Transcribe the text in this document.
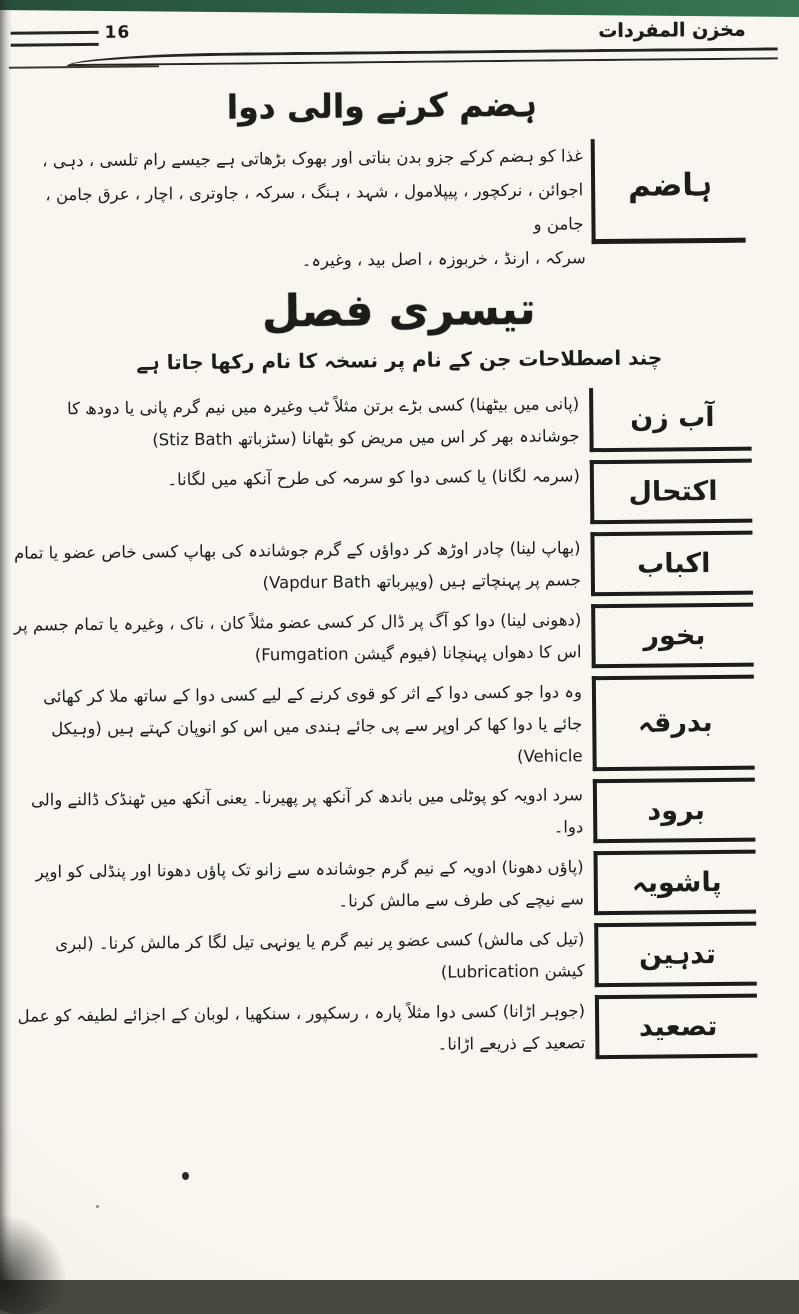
16	مخزن المفردات
ہضم کرنے والی دوا
ہاضم
غذا کو ہضم کرکے جزو بدن بناتی اور بھوک بڑھاتی ہے جیسے رام تلسی ، دہی ، اجوائن ، نرکچور ، پیپلامول ، شہد ، ہنگ ، سرکہ ، جاوتری ، اچار ، عرق جامن ، جامن و
سرکہ ، ارنڈ ، خربوزہ ، اصل بید ، وغیرہ۔
تیسری فصل
چند اصطلاحات جن کے نام پر نسخہ کا نام رکھا جاتا ہے
آب زن
(پانی میں بیٹھنا) کسی بڑے برتن مثلاً ٹب وغیرہ میں نیم گرم پانی یا دودھ کا جوشاندہ بھر کر اس میں مریض کو بٹھانا (سٹزباتھ Stiz Bath)
اکتحال
(سرمہ لگانا) یا کسی دوا کو سرمہ کی طرح آنکھ میں لگانا۔
اکباب
(بھاپ لینا) چادر اوڑھ کر دواؤں کے گرم جوشاندہ کی بھاپ کسی خاص عضو یا تمام جسم پر پہنچاتے ہیں (ویپرباتھ Vapdur Bath)
بخور
(دھونی لینا) دوا کو آگ پر ڈال کر کسی عضو مثلاً کان ، ناک ، وغیرہ یا تمام جسم پر اس کا دھواں پہنچانا (فیوم گیشن Fumgation)
بدرقہ
وہ دوا جو کسی دوا کے اثر کو قوی کرنے کے لیے کسی دوا کے ساتھ ملا کر کھائی جائے یا دوا کھا کر اوپر سے پی جائے ہندی میں اس کو انوپان کہتے ہیں (وہیکل Vehicle)
برود
سرد ادویہ کو پوٹلی میں باندھ کر آنکھ پر پھیرنا۔ یعنی آنکھ میں ٹھنڈک ڈالنے والی دوا۔
پاشویہ
(پاؤں دھونا) ادویہ کے نیم گرم جوشاندہ سے زانو تک پاؤں دھونا اور پنڈلی کو اوپر سے نیچے کی طرف سے مالش کرنا۔
تدہین
(تیل کی مالش) کسی عضو پر نیم گرم یا یونہی تیل لگا کر مالش کرنا۔ (لبری کیشن Lubrication)
تصعید
(جوہر اڑانا) کسی دوا مثلاً پارہ ، رسکپور ، سنکھیا ، لوبان کے اجزائے لطیفہ کو عمل تصعید کے ذریعے اڑانا۔
